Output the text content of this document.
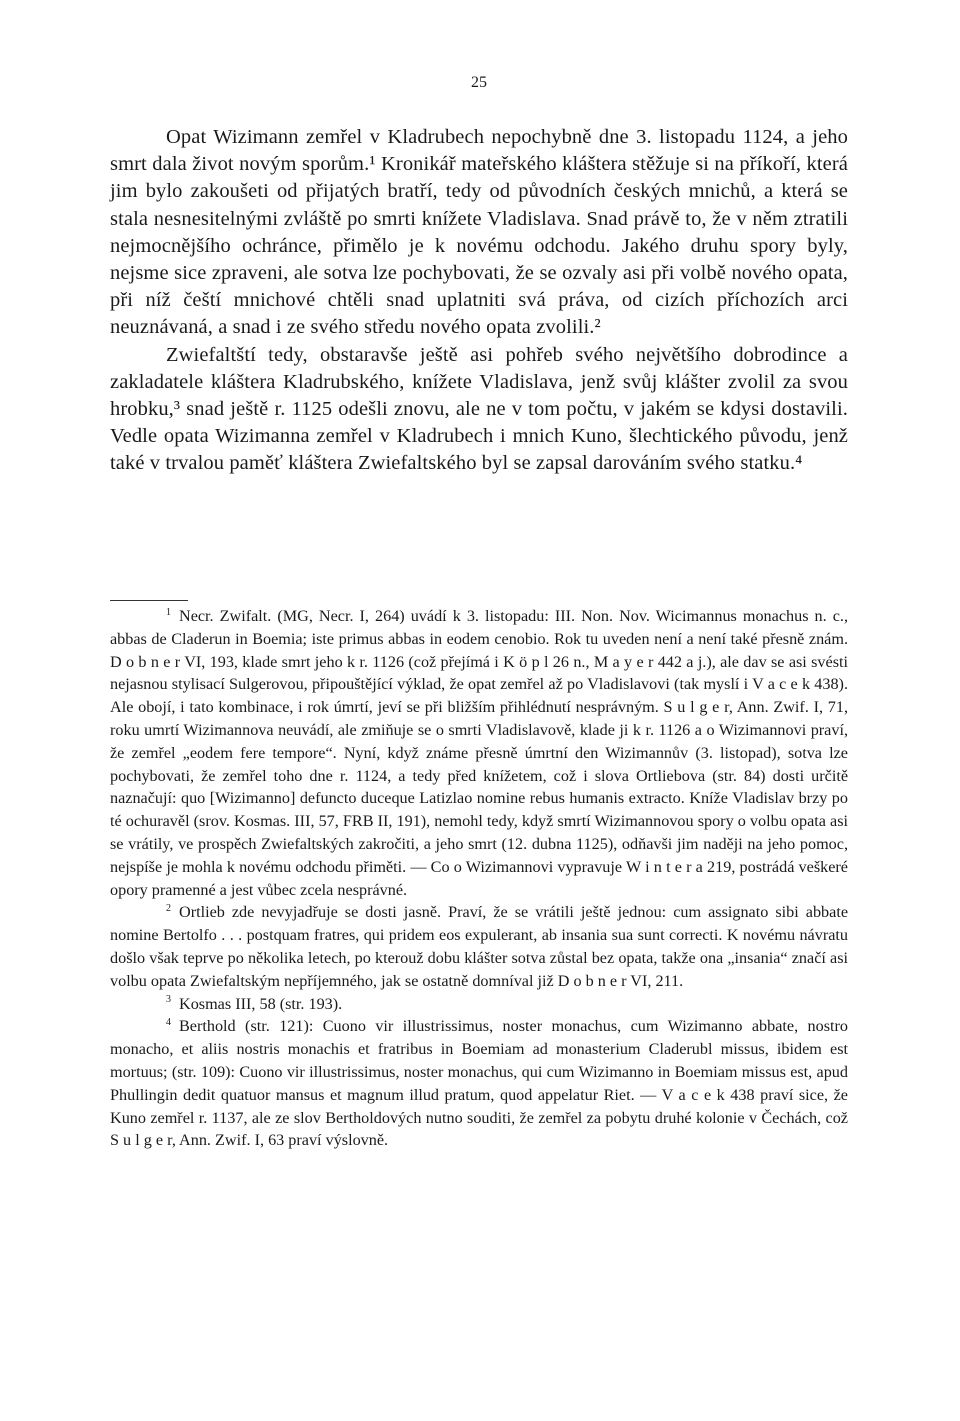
25

Opat Wizimann zemřel v Kladrubech nepochybně dne 3. listopadu 1124, a jeho smrt dala život novým sporům.¹ Kronikář mateřského kláštera stěžuje si na příkoří, která jim bylo zakoušeti od přijatých bratří, tedy od původních českých mnichů, a která se stala nesnesitelnými zvláště po smrti knížete Vladislava. Snad právě to, že v něm ztratili nejmocnějšího ochránce, přimělo je k novému odchodu. Jakého druhu spory byly, nejsme sice zpraveni, ale sotva lze pochybovati, že se ozvaly asi při volbě nového opata, při níž čeští mnichové chtěli snad uplatniti svá práva, od cizích příchozích arci neuznávaná, a snad i ze svého středu nového opata zvolili.²

Zwiefaltští tedy, obstaravše ještě asi pohřeb svého největšího dobrodince a zakladatele kláštera Kladrubského, knížete Vladislava, jenž svůj klášter zvolil za svou hrobku,³ snad ještě r. 1125 odešli znovu, ale ne v tom počtu, v jakém se kdysi dostavili. Vedle opata Wizimanna zemřel v Kladrubech i mnich Kuno, šlechtického původu, jenž také v trvalou paměť kláštera Zwiefaltského byl se zapsal darováním svého statku.⁴

$^1$ Necr. Zwifalt. (MG, Necr. I, 264) uvádí k 3. listopadu: III. Non. Nov. Wicimannus monachus n. c., abbas de Claderun in Boemia; iste primus abbas in eodem cenobio. Rok tu uveden není a není také přesně znám. D o b n e r VI, 193, klade smrt jeho k r. 1126 (což přejímá i K ö p l 26 n., M a y e r 442 a j.), ale dav se asi svésti nejasnou stylisací Sulgerovou, připouštějící výklad, že opat zemřel až po Vladislavovi (tak myslí i V a c e k 438). Ale obojí, i tato kombinace, i rok úmrtí, jeví se při bližším přihlédnutí nesprávným. S u l g e r, Ann. Zwif. I, 71, roku umrtí Wizimannova neuvádí, ale zmiňuje se o smrti Vladislavově, klade ji k r. 1126 a o Wizimannovi praví, že zemřel „eodem fere tempore“. Nyní, když známe přesně úmrtní den Wizimannův (3. listopad), sotva lze pochybovati, že zemřel toho dne r. 1124, a tedy před knížetem, což i slova Ortliebova (str. 84) dosti určitě naznačují: quo [Wizimanno] defuncto duceque Latizlao nomine rebus humanis extracto. Kníže Vladislav brzy po té ochuravěl (srov. Kosmas. III, 57, FRB II, 191), nemohl tedy, když smrtí Wizimannovou spory o volbu opata asi se vrátily, ve prospěch Zwiefaltských zakročiti, a jeho smrt (12. dubna 1125), odňavši jim naději na jeho pomoc, nejspíše je mohla k novému odchodu přiměti. — Co o Wizimannovi vypravuje W i n t e r a 219, postrádá veškeré opory pramenné a jest vůbec zcela nesprávné.

$^2$ Ortlieb zde nevyjadřuje se dosti jasně. Praví, že se vrátili ještě jednou: cum assignato sibi abbate nomine Bertolfo . . . postquam fratres, qui pridem eos expulerant, ab insania sua sunt correcti. K novému návratu došlo však teprve po několika letech, po kterouž dobu klášter sotva zůstal bez opata, takže ona „insania“ značí asi volbu opata Zwiefaltským nepříjemného, jak se ostatně domníval již D o b n e r VI, 211.

$^3$ Kosmas III, 58 (str. 193).

$^4$ Berthold (str. 121): Cuono vir illustrissimus, noster monachus, cum Wizimanno abbate, nostro monacho, et aliis nostris monachis et fratribus in Boemiam ad monasterium Claderubl missus, ibidem est mortuus; (str. 109): Cuono vir illustrissimus, noster monachus, qui cum Wizimanno in Boemiam missus est, apud Phullingin dedit quatuor mansus et magnum illud pratum, quod appelatur Riet. — V a c e k 438 praví sice, že Kuno zemřel r. 1137, ale ze slov Bertholdových nutno souditi, že zemřel za pobytu druhé kolonie v Čechách, což S u l g e r, Ann. Zwif. I, 63 praví výslovně.
